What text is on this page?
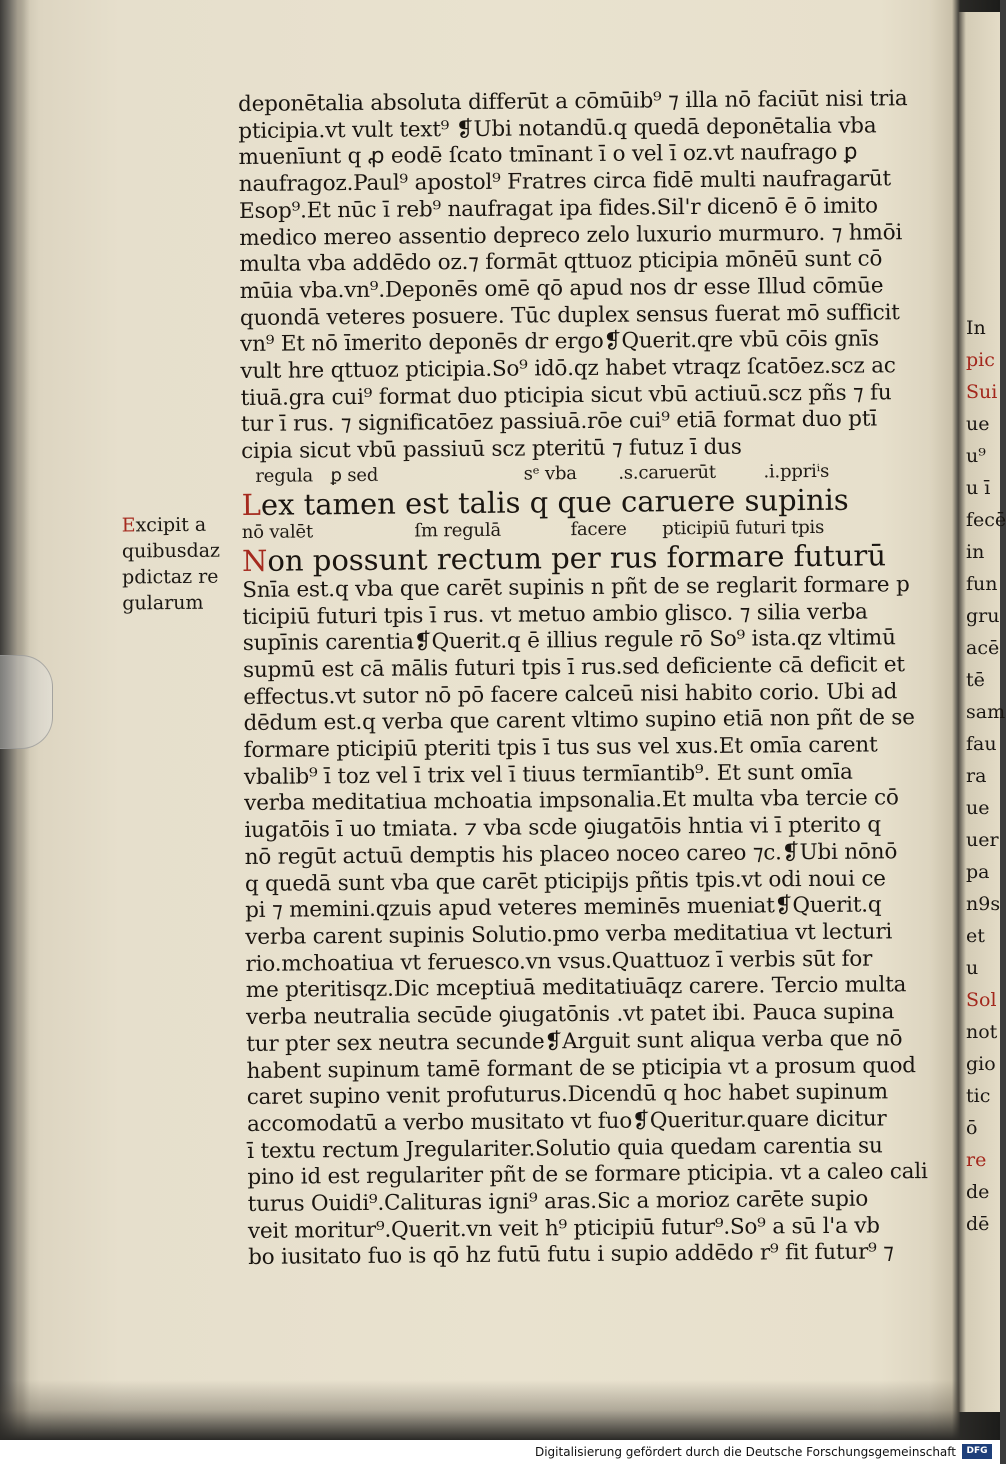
In
pic
Sui
ue
u⁹
u ī
fecē
in
fun
gru
acē
tē
sam
fau
ra
ue
uer
pa
n9s
et
u
Sol
not
gio
tic
ō
re
de
dē
Excipit a
quibusdaz
pdictaz re
gularum
deponētalia absoluta differūt a cōmūib⁹ ⁊ illa nō faciūt nisi tria
pticipia.vt vult text⁹ ❡Ubi notandū.q quedā deponētalia vba
muenīunt q ꝓ eodē ſcato tmīnant ī o vel ī oz.vt naufrago ꝑ
naufragoz.Paul⁹ apostol⁹ Fratres circa fidē multi naufragarūt
Esop⁹.Et nūc ī reb⁹ naufragat ipa fides.Sil'r dicenō ē ō imito
medico mereo assentio depreco zelo luxurio murmuro. ⁊ hmōi
multa vba addēdo oz.⁊ formāt qttuoz pticipia mōnēū sunt cō
mūia vba.vn⁹.Deponēs omē qō apud nos dr esse Illud cōmūe
quondā veteres posuere. Tūc duplex sensus fuerat mō sufficit
vn⁹ Et nō īmerito deponēs dr ergo❡Querit.qre vbū cōis gnīs
vult hre qttuoz pticipia.So⁹ idō.qz habet vtraqz ſcatōez.scz ac
tiuā.gra cui⁹ format duo pticipia sicut vbū actiuū.scz pñs ⁊ fu
tur ī rus. ⁊ significatōez passiuā.rōe cui⁹ etiā format duo ptī
cipia sicut vbū passiuū scz pteritū ⁊ futuz ī dus
regula ꝑ sed	sᵉ vba .s.caruerūt	.i.ppriⁱs
Lex tamen est talis q que caruere supinis
nō valēt	ſm regulā	facere pticipiū futuri tpis
Non possunt rectum per rus formare futurū
Snīa est.q vba que carēt supinis n pñt de se reglarit formare p
ticipiū futuri tpis ī rus. vt metuo ambio glisco. ⁊ silia verba
supīnis carentia❡Querit.q ē illius regule rō So⁹ ista.qz vltimū
supmū est cā mālis futuri tpis ī rus.sed deficiente cā deficit et
effectus.vt sutor nō pō facere calceū nisi habito corio. Ubi ad
dēdum est.q verba que carent vltimo supino etiā non pñt de se
formare pticipiū pteriti tpis ī tus sus vel xus.Et omīa carent
vbalib⁹ ī toz vel ī trix vel ī tiuus termīantib⁹. Et sunt omīa
verba meditatiua mchoatia impsonalia.Et multa vba tercie cō
iugatōis ī uo tmiata. ⁊ vba scde ꝯiugatōis hntia vi ī pterito q
nō regūt actuū demptis his placeo noceo careo ⁊c.❡Ubi nōnō
q quedā sunt vba que carēt pticipijs pñtis tpis.vt odi noui ce
pi ⁊ memini.qzuis apud veteres meminēs mueniat❡Querit.q
verba carent supinis Solutio.pmo verba meditatiua vt lecturi
rio.mchoatiua vt feruesco.vn vsus.Quattuoz ī verbis sūt for
me pteritisqz.Dic mceptiuā meditatiuāqz carere. Tercio multa
verba neutralia secūde ꝯiugatōnis .vt patet ibi. Pauca supina
tur pter sex neutra secunde❡Arguit sunt aliqua verba que nō
habent supinum tamē formant de se pticipia vt a prosum quod
caret supino venit profuturus.Dicendū q hoc habet supinum
accomodatū a verbo musitato vt fuo❡Queritur.quare dicitur
ī textu rectum Jregulariter.Solutio quia quedam carentia su
pino id est regulariter pñt de se formare pticipia. vt a caleo cali
turus Ouidi⁹.Calituras igni⁹ aras.Sic a morioz carēte supio
veit moritur⁹.Querit.vn veit h⁹ pticipiū futur⁹.So⁹ a sū l'a vb
bo iusitato fuo is qō hz futū futu i supio addēdo r⁹ fit futur⁹ ⁊
Digitalisierung gefördert durch die Deutsche Forschungsgemeinschaft	DFG
